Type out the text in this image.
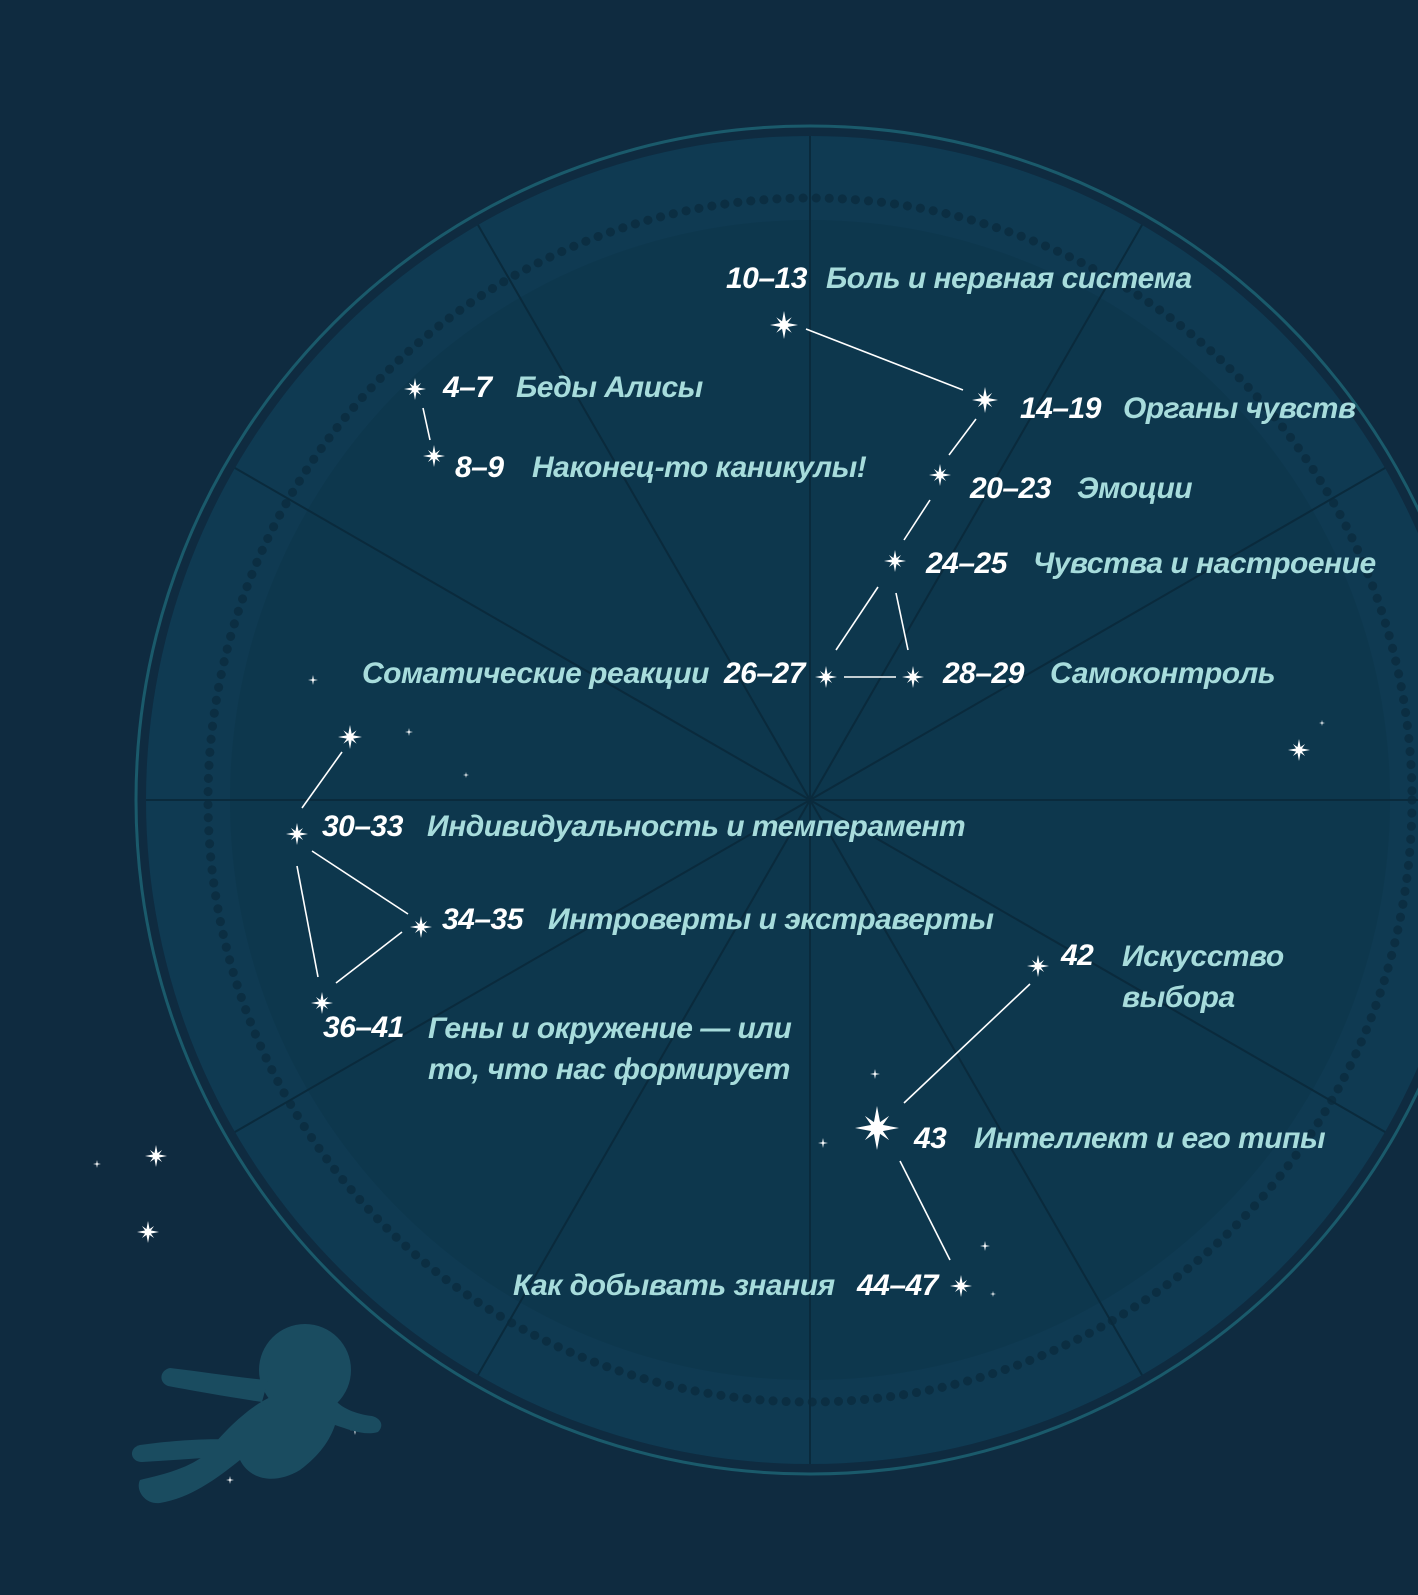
10–13 Боль и нервная система
4–7 Беды Алисы
8–9 Наконец-то каникулы!
14–19 Органы чувств
20–23 Эмоции
24–25 Чувства и настроение
Соматические реакции 26–27	28–29 Самоконтроль
30–33 Индивидуальность и темперамент
34–35 Интроверты и экстраверты
36–41 Гены и окружение — или то, что нас формирует
42 Искусство выбора
43 Интеллект и его типы
Как добывать знания 44–47
